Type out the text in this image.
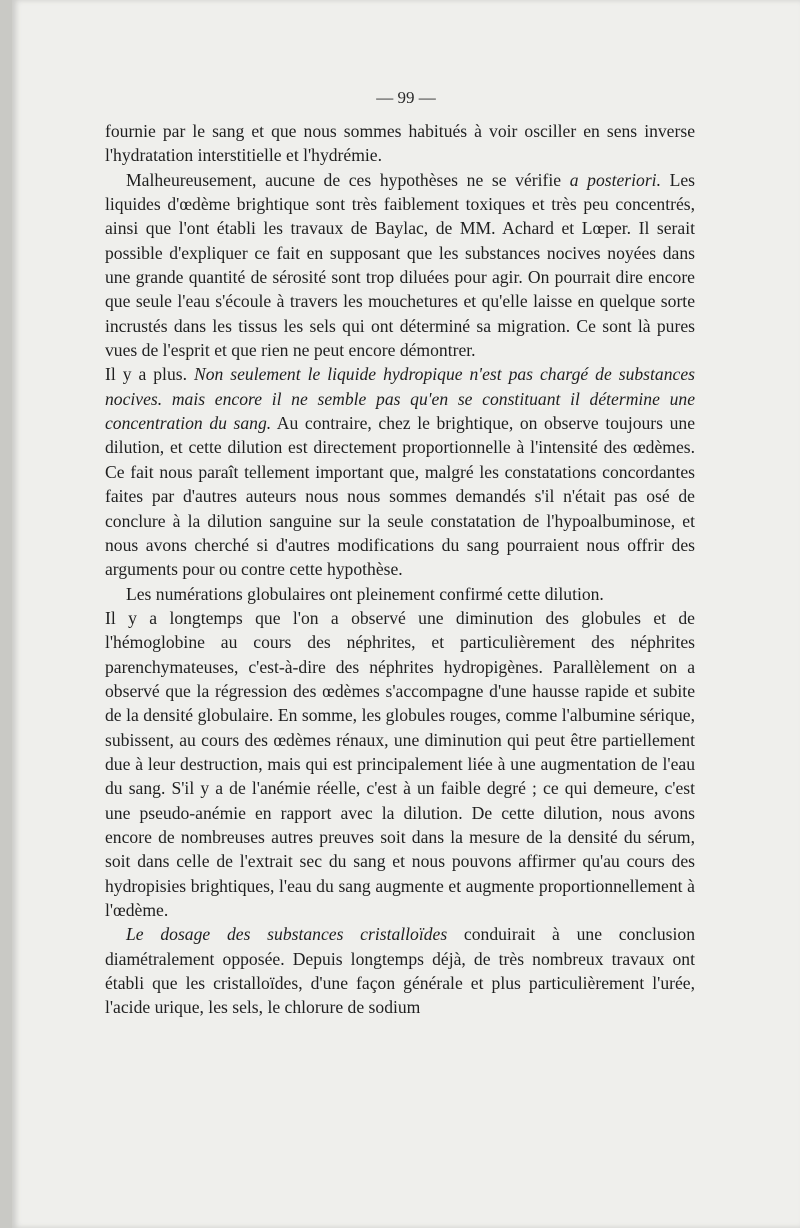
— 99 —

fournie par le sang et que nous sommes habitués à voir osciller en sens inverse l'hydratation interstitielle et l'hydrémie.

Malheureusement, aucune de ces hypothèses ne se vérifie a posteriori. Les liquides d'œdème brightique sont très faiblement toxiques et très peu concentrés, ainsi que l'ont établi les travaux de Baylac, de MM. Achard et Lœper. Il serait possible d'expliquer ce fait en supposant que les substances nocives noyées dans une grande quantité de sérosité sont trop diluées pour agir. On pourrait dire encore que seule l'eau s'écoule à travers les mouchetures et qu'elle laisse en quelque sorte incrustés dans les tissus les sels qui ont déterminé sa migration. Ce sont là pures vues de l'esprit et que rien ne peut encore démontrer.

Il y a plus. Non seulement le liquide hydropique n'est pas chargé de substances nocives. mais encore il ne semble pas qu'en se constituant il détermine une concentration du sang. Au contraire, chez le brightique, on observe toujours une dilution, et cette dilution est directement proportionnelle à l'intensité des œdèmes. Ce fait nous paraît tellement important que, malgré les constatations concordantes faites par d'autres auteurs nous nous sommes demandés s'il n'était pas osé de conclure à la dilution sanguine sur la seule constatation de l'hypoalbuminose, et nous avons cherché si d'autres modifications du sang pourraient nous offrir des arguments pour ou contre cette hypothèse.

Les numérations globulaires ont pleinement confirmé cette dilution.

Il y a longtemps que l'on a observé une diminution des globules et de l'hémoglobine au cours des néphrites, et particulièrement des néphrites parenchymateuses, c'est-à-dire des néphrites hydropigènes. Parallèlement on a observé que la régression des œdèmes s'accompagne d'une hausse rapide et subite de la densité globulaire. En somme, les globules rouges, comme l'albumine sérique, subissent, au cours des œdèmes rénaux, une diminution qui peut être partiellement due à leur destruction, mais qui est principalement liée à une augmentation de l'eau du sang. S'il y a de l'anémie réelle, c'est à un faible degré ; ce qui demeure, c'est une pseudo-anémie en rapport avec la dilution. De cette dilution, nous avons encore de nombreuses autres preuves soit dans la mesure de la densité du sérum, soit dans celle de l'extrait sec du sang et nous pouvons affirmer qu'au cours des hydropisies brightiques, l'eau du sang augmente et augmente proportionnellement à l'œdème.

Le dosage des substances cristalloïdes conduirait à une conclusion diamétralement opposée. Depuis longtemps déjà, de très nombreux travaux ont établi que les cristalloïdes, d'une façon générale et plus particulièrement l'urée, l'acide urique, les sels, le chlorure de sodium
